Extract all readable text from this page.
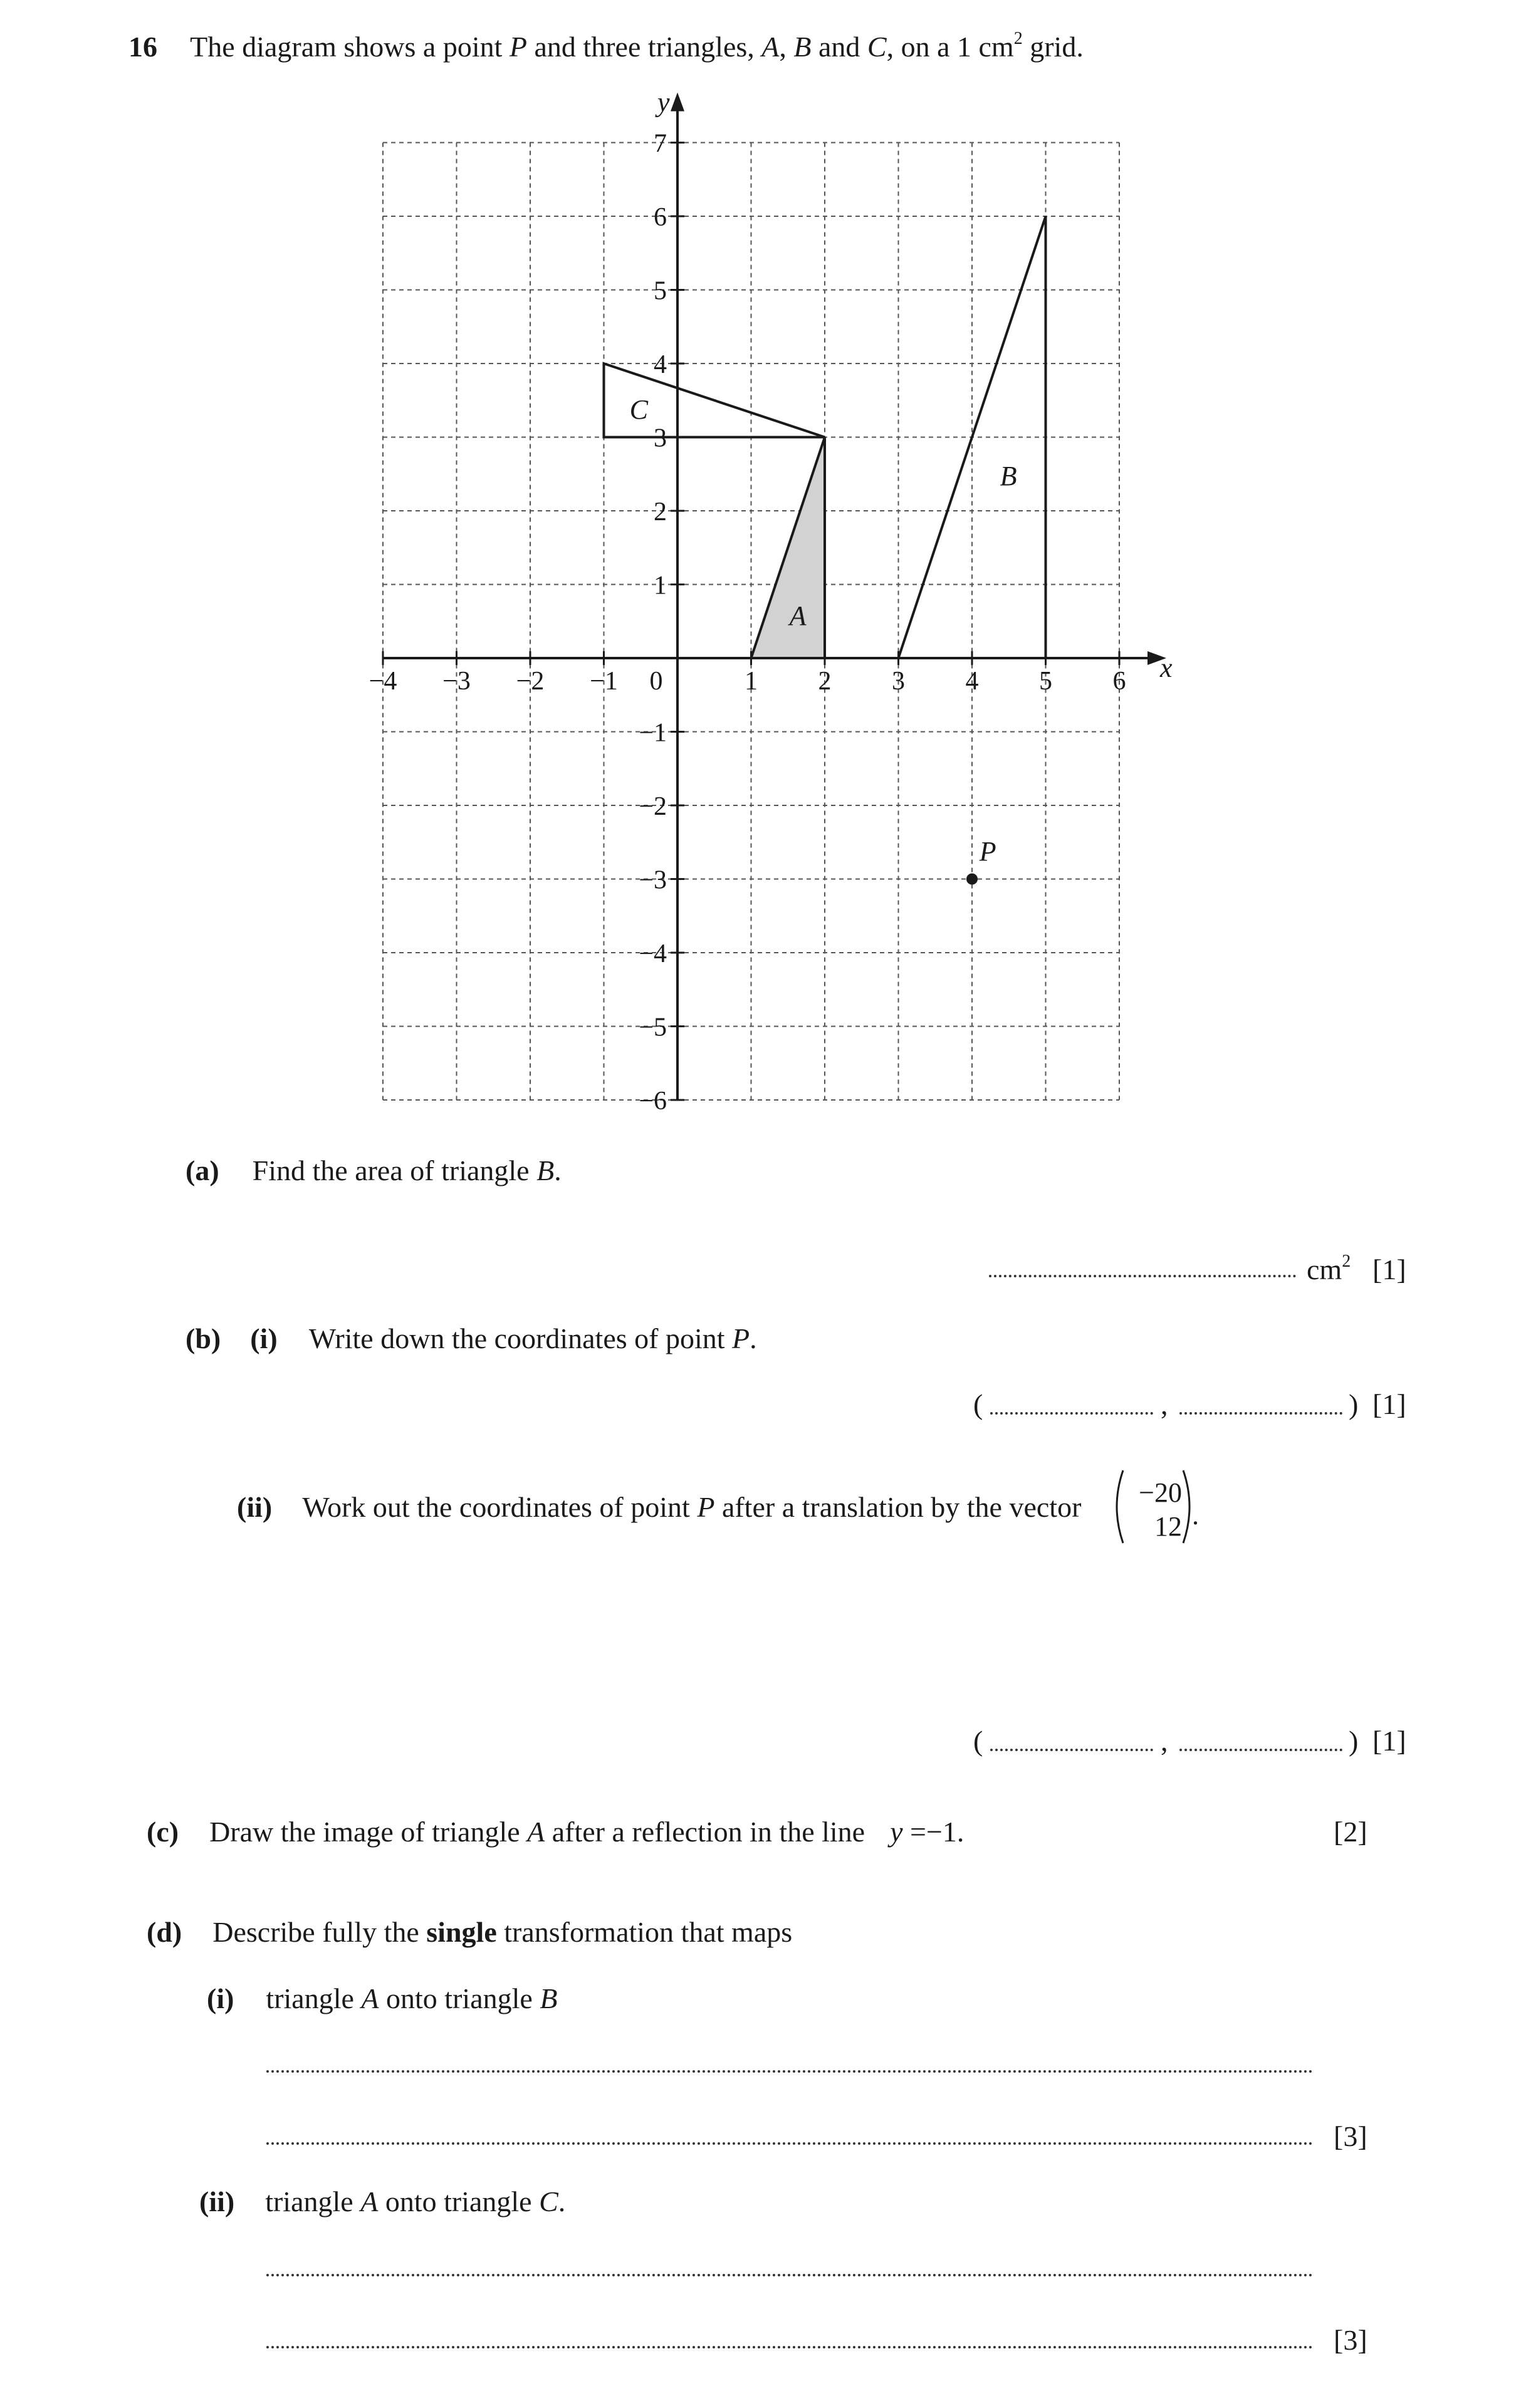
16 The diagram shows a point P and three triangles, A, B and C, on a 1 $cm^2$ grid.
−4 −3 −2 −1 0	1 2 3 4 5 6
1
2
3
4
5
6
7
−1
−2
−3
−4
−5
−6
x
y
A
B
C
P
(a) Find the area of triangle B.
$cm^2$ [1]
(b) (i) Write down the coordinates of point P.
(	,	) [1]
(ii) Work out the coordinates of point P after a translation by the vector −20
12 .
(	,	) [1]
(c) Draw the image of triangle A after a reflection in the line y =−1.	[2]
(d) Describe fully the single transformation that maps
(i) triangle A onto triangle B
[3]
(ii) triangle A onto triangle C.
[3]
